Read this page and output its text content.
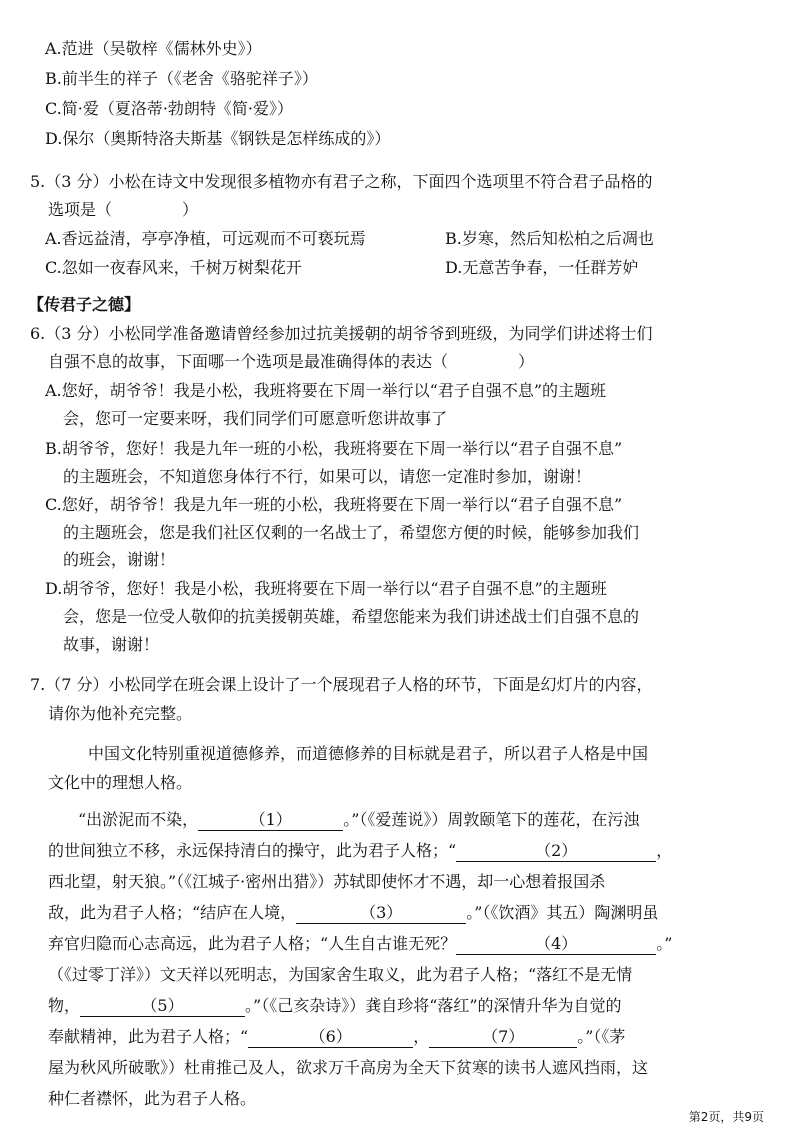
A.范进（吴敬梓《儒林外史》）
B.前半生的祥子（《老舍《骆驼祥子》）
C.简·爱（夏洛蒂·勃朗特《简·爱》）
D.保尔（奥斯特洛夫斯基《钢铁是怎样练成的》）
5.（3 分）小松在诗文中发现很多植物亦有君子之称，下面四个选项里不符合君子品格的
选项是（	）
A.香远益清，亭亭净植，可远观而不可亵玩焉	B.岁寒，然后知松柏之后凋也
C.忽如一夜春风来，千树万树梨花开	D.无意苦争春，一任群芳妒
【传君子之德】
6.（3 分）小松同学准备邀请曾经参加过抗美援朝的胡爷爷到班级，为同学们讲述将士们
自强不息的故事，下面哪一个选项是最准确得体的表达（	）
A.您好，胡爷爷！我是小松，我班将要在下周一举行以“君子自强不息”的主题班
会，您可一定要来呀，我们同学们可愿意听您讲故事了
B.胡爷爷，您好！我是九年一班的小松，我班将要在下周一举行以“君子自强不息”
的主题班会，不知道您身体行不行，如果可以，请您一定准时参加，谢谢！
C.您好，胡爷爷！我是九年一班的小松，我班将要在下周一举行以“君子自强不息”
的主题班会，您是我们社区仅剩的一名战士了，希望您方便的时候，能够参加我们
的班会，谢谢！
D.胡爷爷，您好！我是小松，我班将要在下周一举行以“君子自强不息”的主题班
会，您是一位受人敬仰的抗美援朝英雄，希望您能来为我们讲述战士们自强不息的
故事，谢谢！
7.（7 分）小松同学在班会课上设计了一个展现君子人格的环节，下面是幻灯片的内容，
请你为他补充完整。
中国文化特别重视道德修养，而道德修养的目标就是君子，所以君子人格是中国
文化中的理想人格。
“出淤泥而不染，	（1）	。”（《爱莲说》）周敦颐笔下的莲花，在污浊
的世间独立不移，永远保持清白的操守，此为君子人格；“	（2）	，
西北望，射天狼。”（《江城子·密州出猎》）苏轼即使怀才不遇，却一心想着报国杀
敌，此为君子人格；“结庐在人境，	（3）	。”（《饮酒》其五）陶渊明虽
弃官归隐而心志高远，此为君子人格；“人生自古谁无死？	（4）	。”
（《过零丁洋》）文天祥以死明志，为国家舍生取义，此为君子人格；“落红不是无情
物，	（5）	。”（《己亥杂诗》）龚自珍将“落红”的深情升华为自觉的
奉献精神，此为君子人格；“	（6）	，	（7）	。”（《茅
屋为秋风所破歌》）杜甫推己及人，欲求万千高房为全天下贫寒的读书人遮风挡雨，这
种仁者襟怀，此为君子人格。
第2页，共9页
